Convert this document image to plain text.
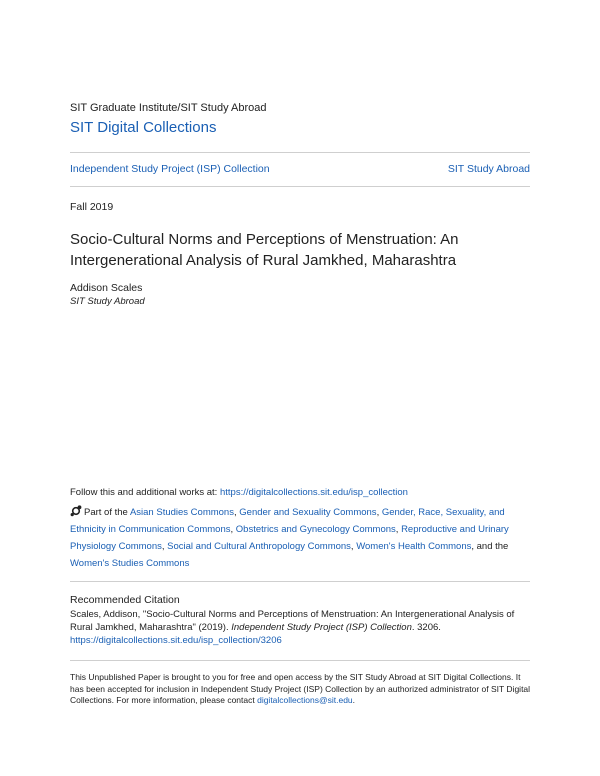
SIT Graduate Institute/SIT Study Abroad
SIT Digital Collections
Independent Study Project (ISP) Collection	SIT Study Abroad
Fall 2019
Socio-Cultural Norms and Perceptions of Menstruation: An Intergenerational Analysis of Rural Jamkhed, Maharashtra
Addison Scales
SIT Study Abroad
Follow this and additional works at: https://digitalcollections.sit.edu/isp_collection
Part of the Asian Studies Commons, Gender and Sexuality Commons, Gender, Race, Sexuality, and Ethnicity in Communication Commons, Obstetrics and Gynecology Commons, Reproductive and Urinary Physiology Commons, Social and Cultural Anthropology Commons, Women's Health Commons, and the Women's Studies Commons
Recommended Citation
Scales, Addison, "Socio-Cultural Norms and Perceptions of Menstruation: An Intergenerational Analysis of Rural Jamkhed, Maharashtra" (2019). Independent Study Project (ISP) Collection. 3206.
https://digitalcollections.sit.edu/isp_collection/3206
This Unpublished Paper is brought to you for free and open access by the SIT Study Abroad at SIT Digital Collections. It has been accepted for inclusion in Independent Study Project (ISP) Collection by an authorized administrator of SIT Digital Collections. For more information, please contact digitalcollections@sit.edu.
